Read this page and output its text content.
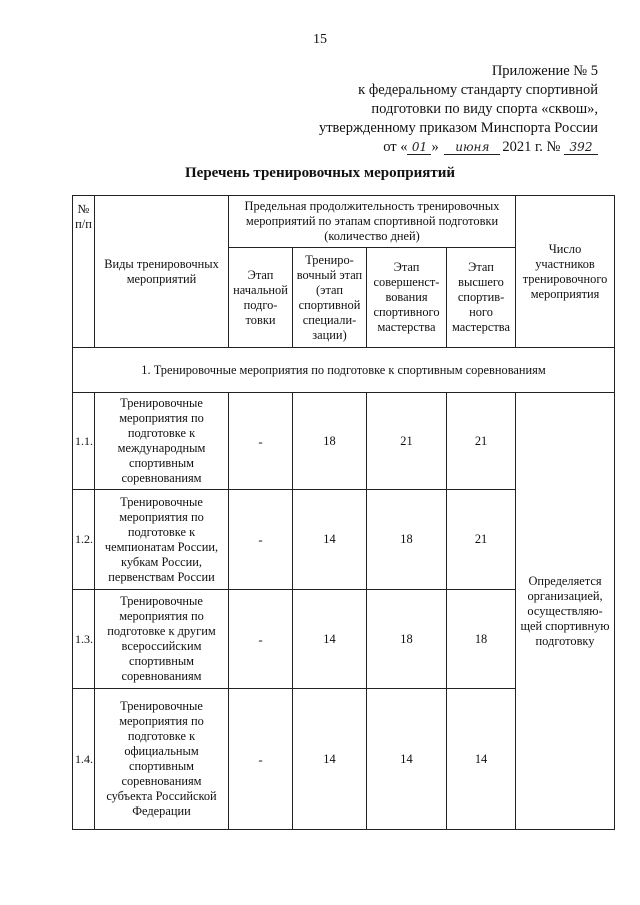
15
Приложение № 5
к федеральному стандарту спортивной
подготовки по виду спорта «сквош»,
утвержденному приказом Минспорта России
от « 01 » июня 2021 г. № 392
Перечень тренировочных мероприятий
№ п/п	Виды тренировочных мероприятий	Предельная продолжительность тренировочных мероприятий по этапам спортивной подготовки (количество дней)				Число участников тренировочного мероприятия
		Этап начальной подго-товки	Трениро-вочный этап (этап спортивной специали-зации)	Этап совершенст-вования спортивного мастерства	Этап высшего спортив-ного мастерства	
1. Тренировочные мероприятия по подготовке к спортивным соревнованиям						
1.1.	Тренировочные мероприятия по подготовке к международным спортивным соревнованиям	-	18	21	21	Определяется организацией, осуществляю-щей спортивную подготовку
1.2.	Тренировочные мероприятия по подготовке к чемпионатам России, кубкам России, первенствам России	-	14	18	21	
1.3.	Тренировочные мероприятия по подготовке к другим всероссийским спортивным соревнованиям	-	14	18	18	
1.4.	Тренировочные мероприятия по подготовке к официальным спортивным соревнованиям субъекта Российской Федерации	-	14	14	14	
